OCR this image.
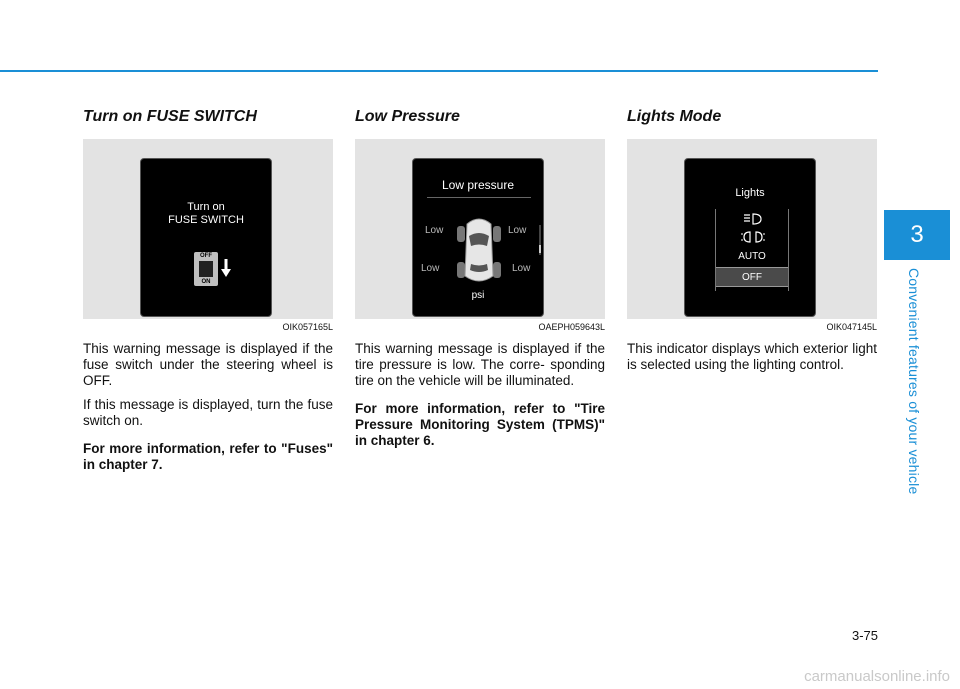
3
Convenient features of your vehicle
Turn on FUSE SWITCH
Turn on
FUSE SWITCH
OFF
ON
OIK057165L

This warning message is displayed if the fuse switch under the steering wheel is OFF.

If this message is displayed, turn the fuse switch on.

For more information, refer to "Fuses" in chapter 7.

Low Pressure
Low pressure
Low	Low
Low	Low
psi
OAEPH059643L

This warning message is displayed if the tire pressure is low. The corre- sponding tire on the vehicle will be illuminated.

For more information, refer to "Tire Pressure Monitoring System (TPMS)" in chapter 6.

Lights Mode
Lights
AUTO
OFF
OIK047145L

This indicator displays which exterior light is selected using the lighting control.

3-75
carmanualsonline.info
